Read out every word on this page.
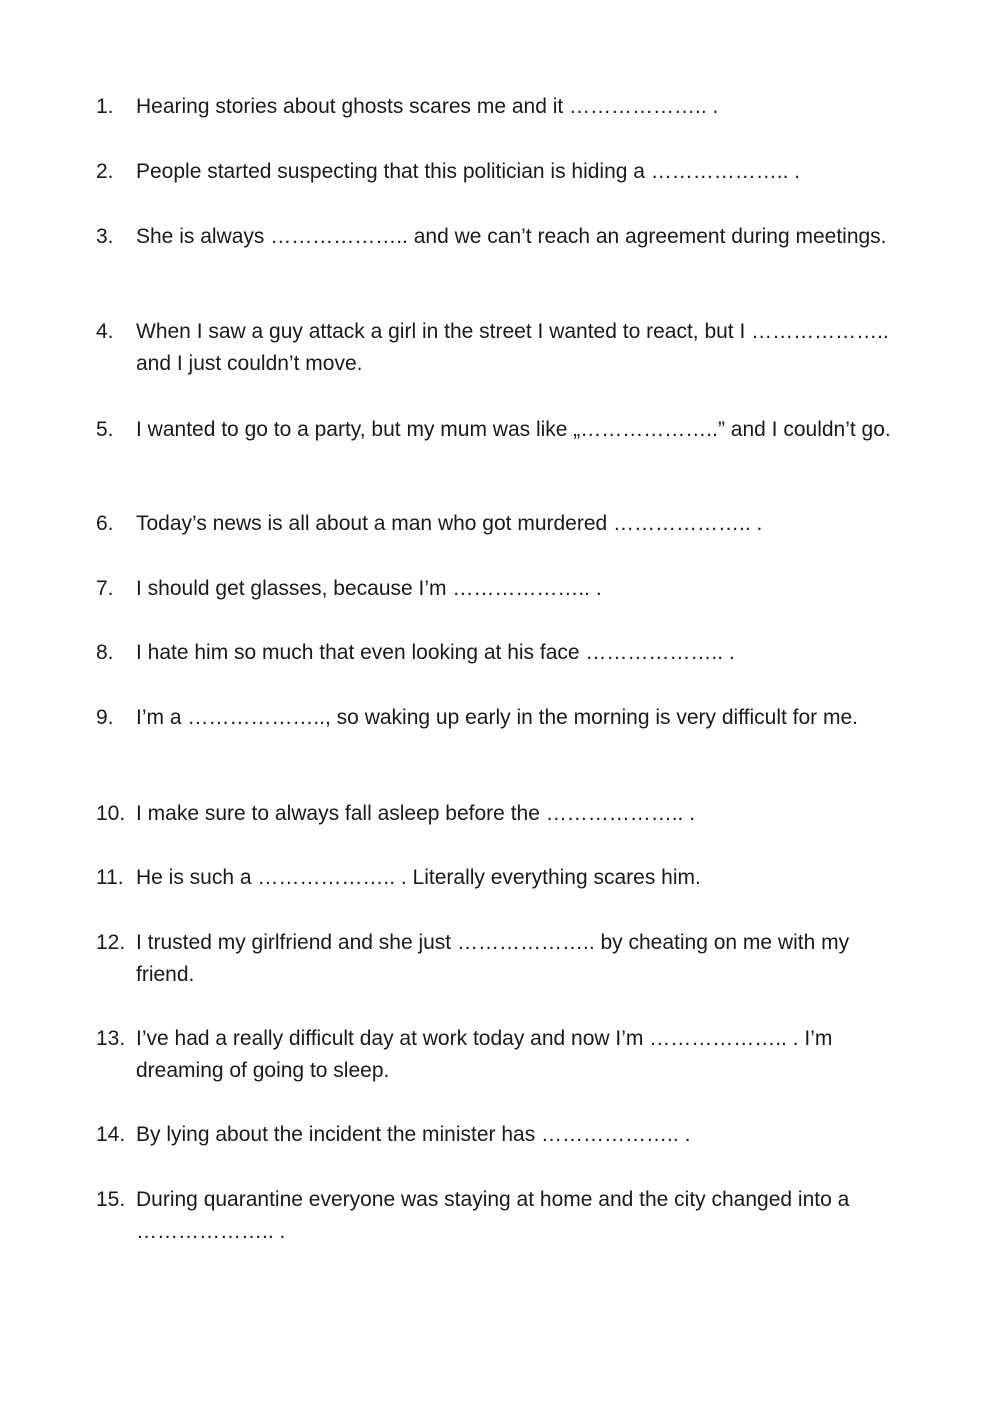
1.	Hearing stories about ghosts scares me and it ……………….. .
2.	People started suspecting that this politician is hiding a ……………….. .
3.	She is always ……………….. and we can’t reach an agreement during meetings.
4.	When I saw a guy attack a girl in the street I wanted to react, but I ……………….. and I just couldn’t move.
5.	I wanted to go to a party, but my mum was like „………………..” and I couldn’t go.
6.	Today’s news is all about a man who got murdered ……………….. .
7.	I should get glasses, because I’m ……………….. .
8.	I hate him so much that even looking at his face ……………….. .
9.	I’m a ……………….., so waking up early in the morning is very difficult for me.
10. I make sure to always fall asleep before the ……………….. .
11. He is such a ……………….. . Literally everything scares him.
12. I trusted my girlfriend and she just ……………….. by cheating on me with my friend.
13. I’ve had a really difficult day at work today and now I’m ……………….. . I’m dreaming of going to sleep.
14. By lying about the incident the minister has ……………….. .
15. During quarantine everyone was staying at home and the city changed into a ……………….. .
